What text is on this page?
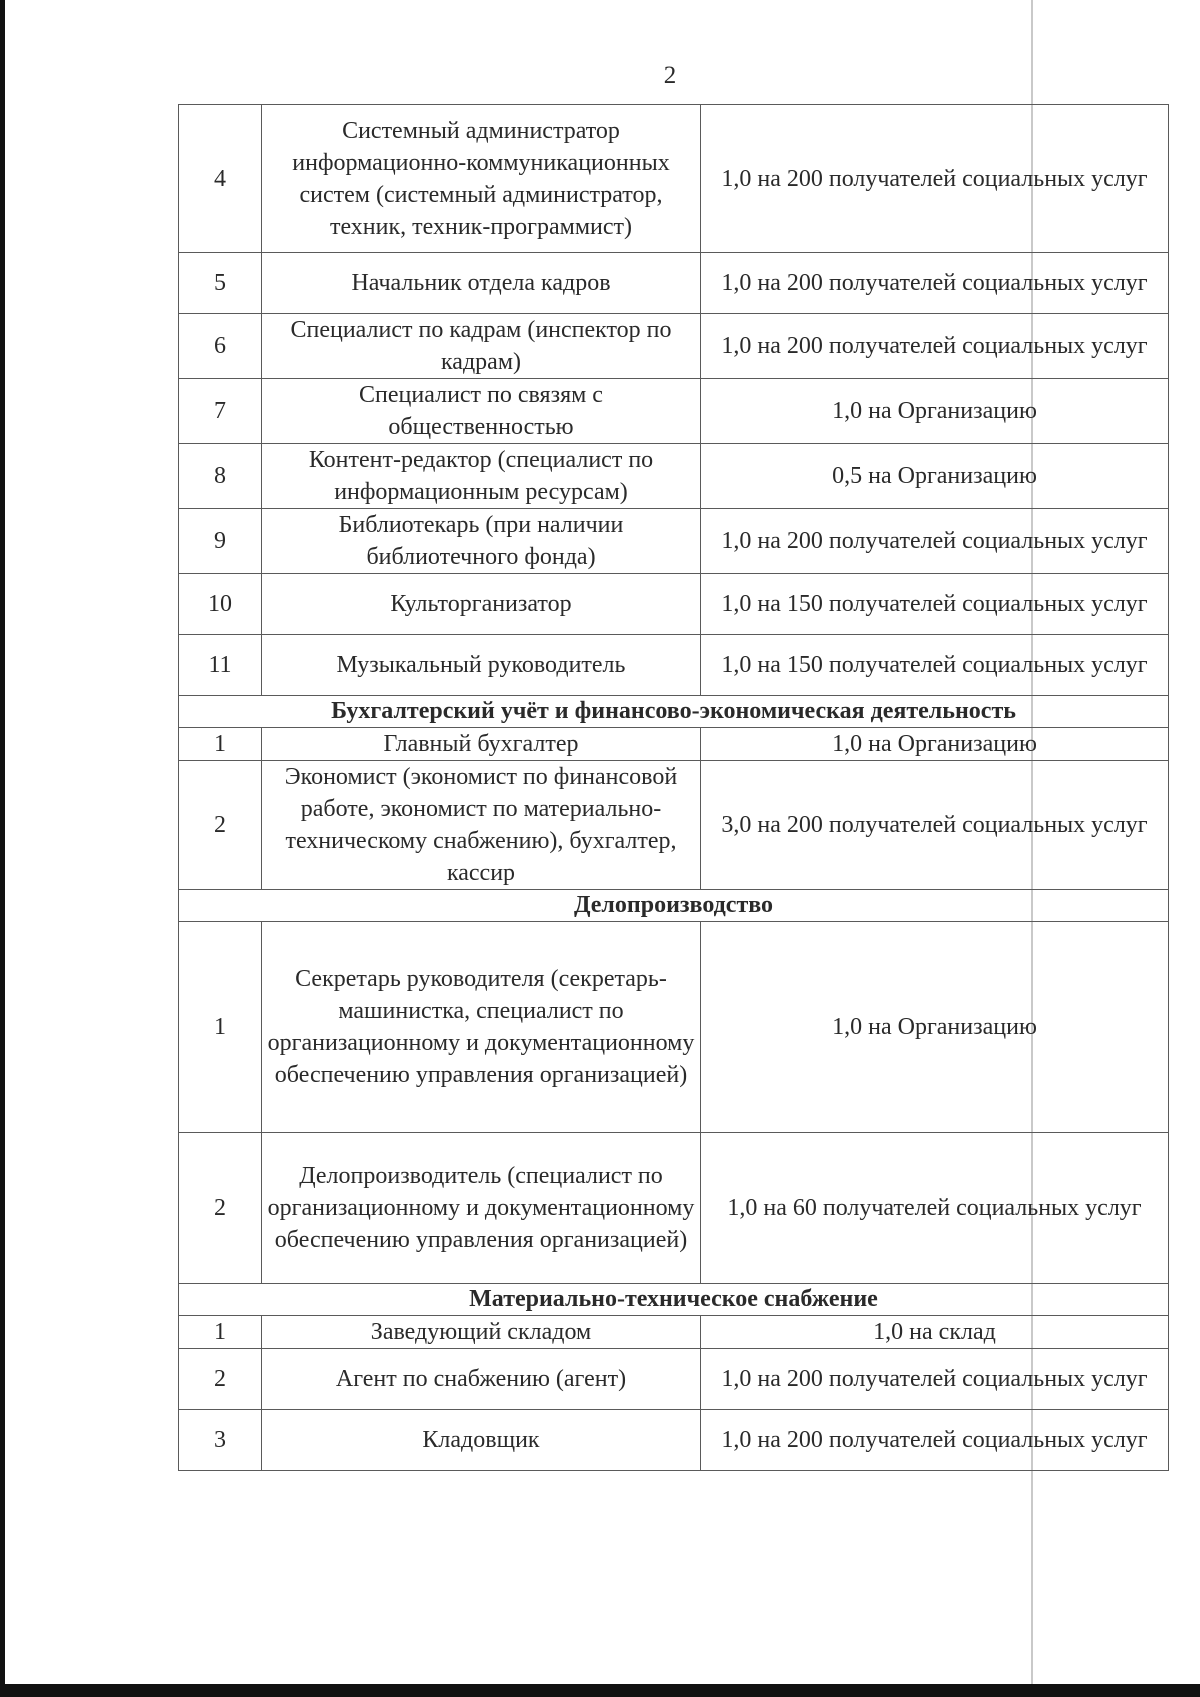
2
4	Системный администратор информационно-коммуникационных систем (системный администратор, техник, техник-программист)	1,0 на 200 получателей социальных услуг
5	Начальник отдела кадров	1,0 на 200 получателей социальных услуг
6	Специалист по кадрам (инспектор по кадрам)	1,0 на 200 получателей социальных услуг
7	Специалист по связям с общественностью	1,0 на Организацию
8	Контент-редактор (специалист по информационным ресурсам)	0,5 на Организацию
9	Библиотекарь (при наличии библиотечного фонда)	1,0 на 200 получателей социальных услуг
10	Культорганизатор	1,0 на 150 получателей социальных услуг
11	Музыкальный руководитель	1,0 на 150 получателей социальных услуг
Бухгалтерский учёт и финансово-экономическая деятельность		
1	Главный бухгалтер	1,0 на Организацию
2	Экономист (экономист по финансовой работе, экономист по материально-техническому снабжению), бухгалтер, кассир	3,0 на 200 получателей социальных услуг
Делопроизводство		
1	Секретарь руководителя (секретарь-машинистка, специалист по организационному и документационному обеспечению управления организацией)	1,0 на Организацию
2	Делопроизводитель (специалист по организационному и документационному обеспечению управления организацией)	1,0 на 60 получателей социальных услуг
Материально-техническое снабжение		
1	Заведующий складом	1,0 на склад
2	Агент по снабжению (агент)	1,0 на 200 получателей социальных услуг
3	Кладовщик	1,0 на 200 получателей социальных услуг
